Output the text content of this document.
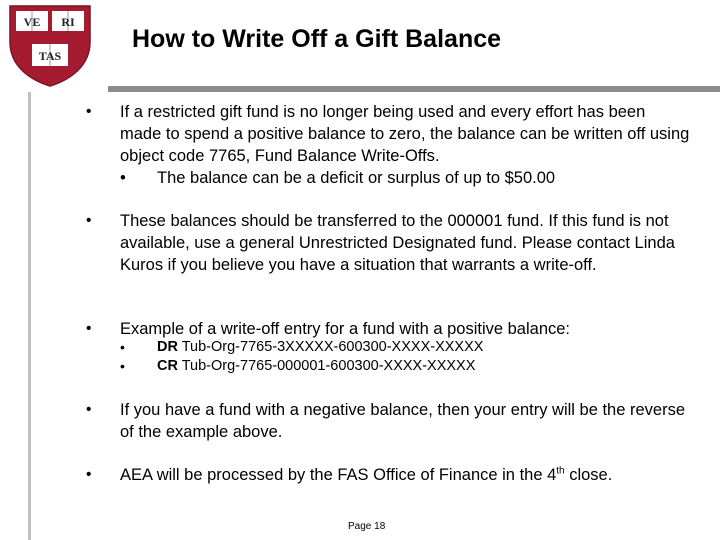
VE RI
TAS
How to Write Off a Gift Balance
•	If a restricted gift fund is no longer being used and every effort has been made to spend a positive balance to zero, the balance can be written off using object code 7765, Fund Balance Write-Offs.
• The balance can be a deficit or surplus of up to $50.00
•	These balances should be transferred to the 000001 fund. If this fund is not available, use a general Unrestricted Designated fund. Please contact Linda Kuros if you believe you have a situation that warrants a write-off.
•	Example of a write-off entry for a fund with a positive balance:
• DR Tub-Org-7765-3XXXXX-600300-XXXX-XXXXX
• CR Tub-Org-7765-000001-600300-XXXX-XXXXX
•	If you have a fund with a negative balance, then your entry will be the reverse of the example above.
•	AEA will be processed by the FAS Office of Finance in the 4th close.
Page 18
